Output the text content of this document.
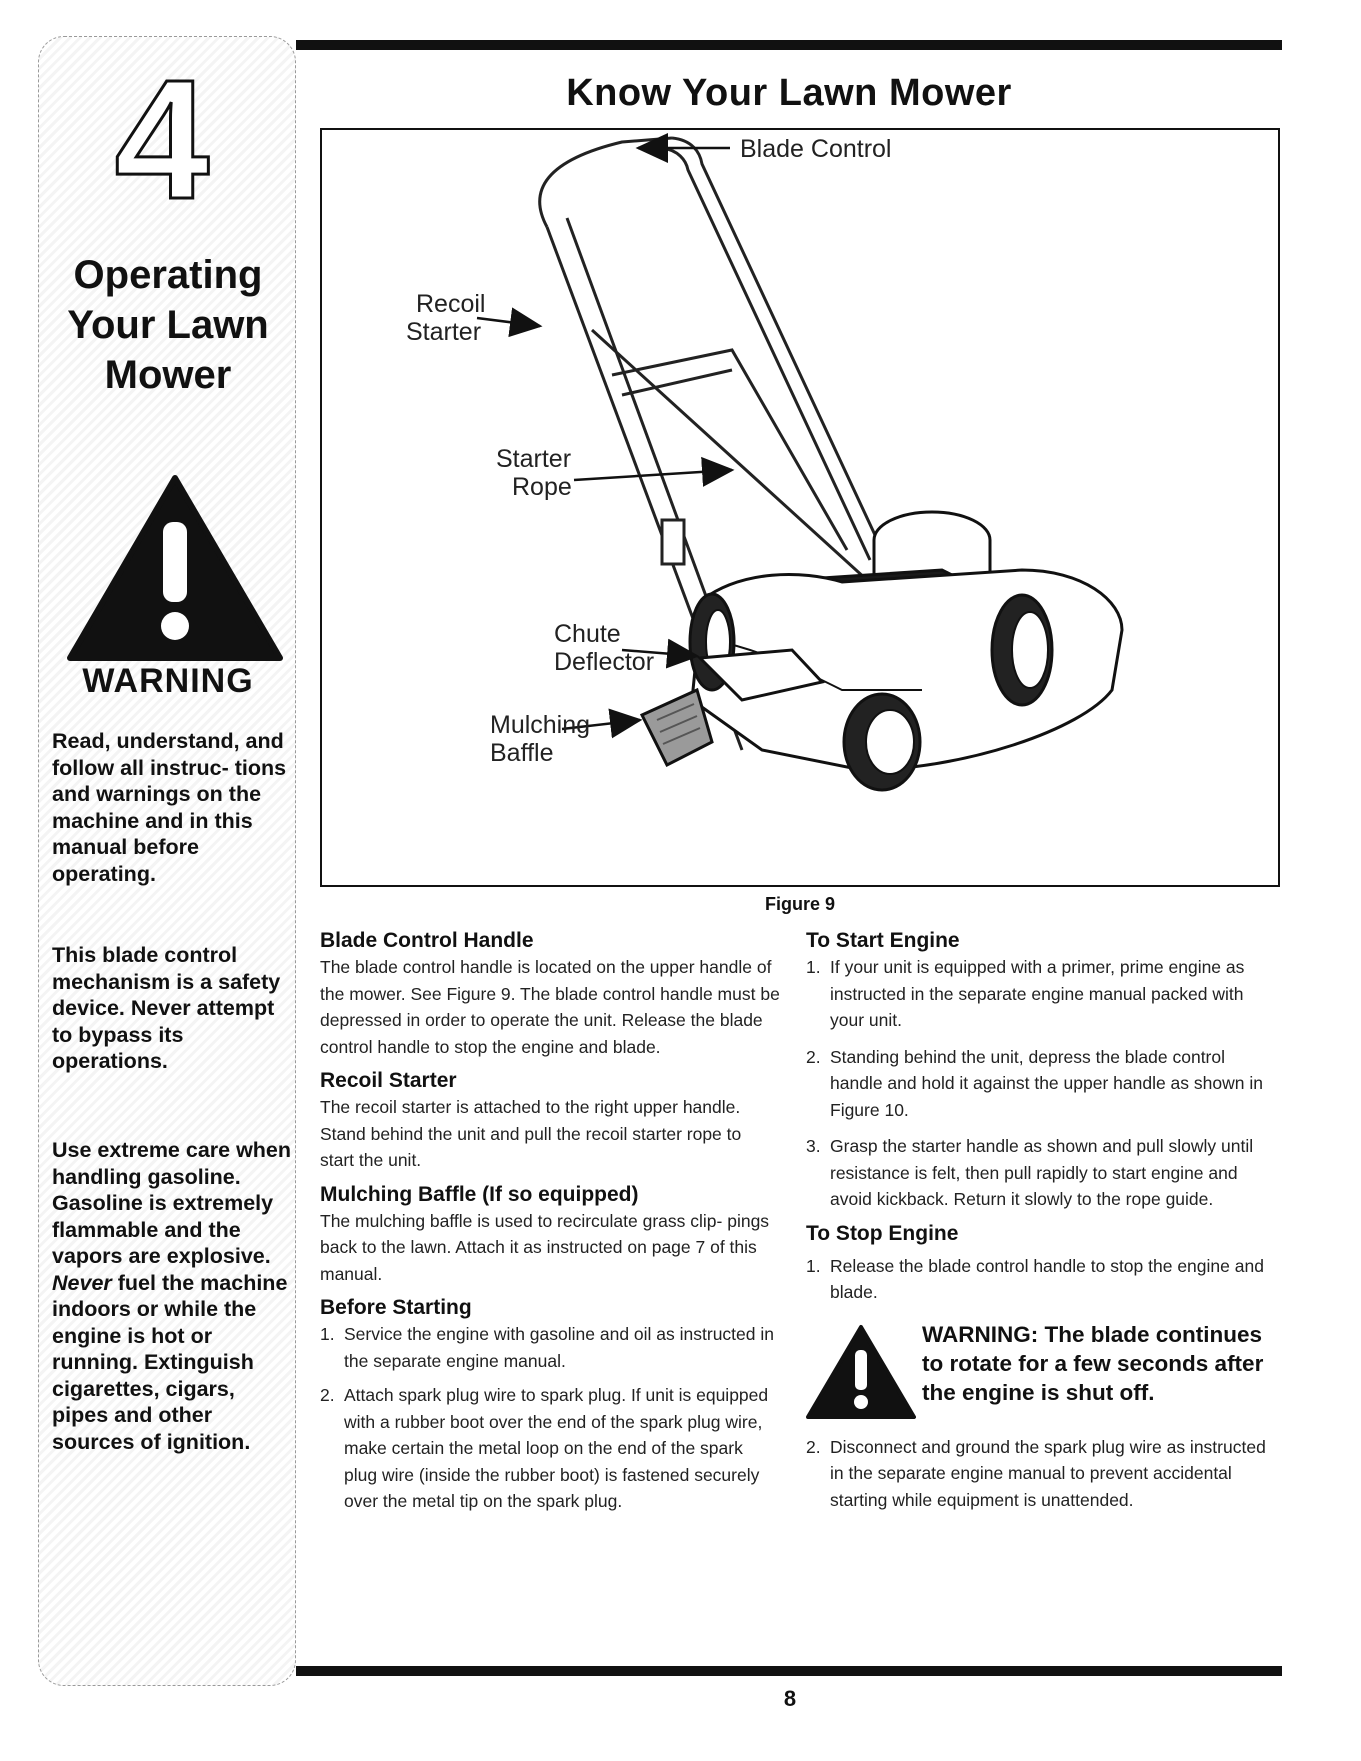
4
Operating
Your Lawn
Mower
WARNING
Read, understand, and follow all instruc- tions and warnings on the machine and in this manual before operating.
This blade control mechanism is a safety device. Never attempt to bypass its operations.
Use extreme care when handling gasoline. Gasoline is extremely flammable and the vapors are explosive. Never fuel the machine indoors or while the engine is hot or running. Extinguish cigarettes, cigars, pipes and other sources of ignition.
Know Your Lawn Mower
Blade Control
Recoil
Starter
Starter
Rope
Chute
Deflector
Mulching
Baffle
Figure 9
Blade Control Handle
The blade control handle is located on the upper handle of the mower. See Figure 9. The blade control handle must be depressed in order to operate the unit. Release the blade control handle to stop the engine and blade.
Recoil Starter
The recoil starter is attached to the right upper handle. Stand behind the unit and pull the recoil starter rope to start the unit.
Mulching Baffle (If so equipped)
The mulching baffle is used to recirculate grass clip- pings back to the lawn. Attach it as instructed on page 7 of this manual.
Before Starting
1. Service the engine with gasoline and oil as instructed in the separate engine manual.
2. Attach spark plug wire to spark plug. If unit is equipped with a rubber boot over the end of the spark plug wire, make certain the metal loop on the end of the spark plug wire (inside the rubber boot) is fastened securely over the metal tip on the spark plug.
To Start Engine
1. If your unit is equipped with a primer, prime engine as instructed in the separate engine manual packed with your unit.
2. Standing behind the unit, depress the blade control handle and hold it against the upper handle as shown in Figure 10.
3. Grasp the starter handle as shown and pull slowly until resistance is felt, then pull rapidly to start engine and avoid kickback. Return it slowly to the rope guide.
To Stop Engine
1. Release the blade control handle to stop the engine and blade.
WARNING: The blade continues to rotate for a few seconds after the engine is shut off.
2. Disconnect and ground the spark plug wire as instructed in the separate engine manual to prevent accidental starting while equipment is unattended.
8
